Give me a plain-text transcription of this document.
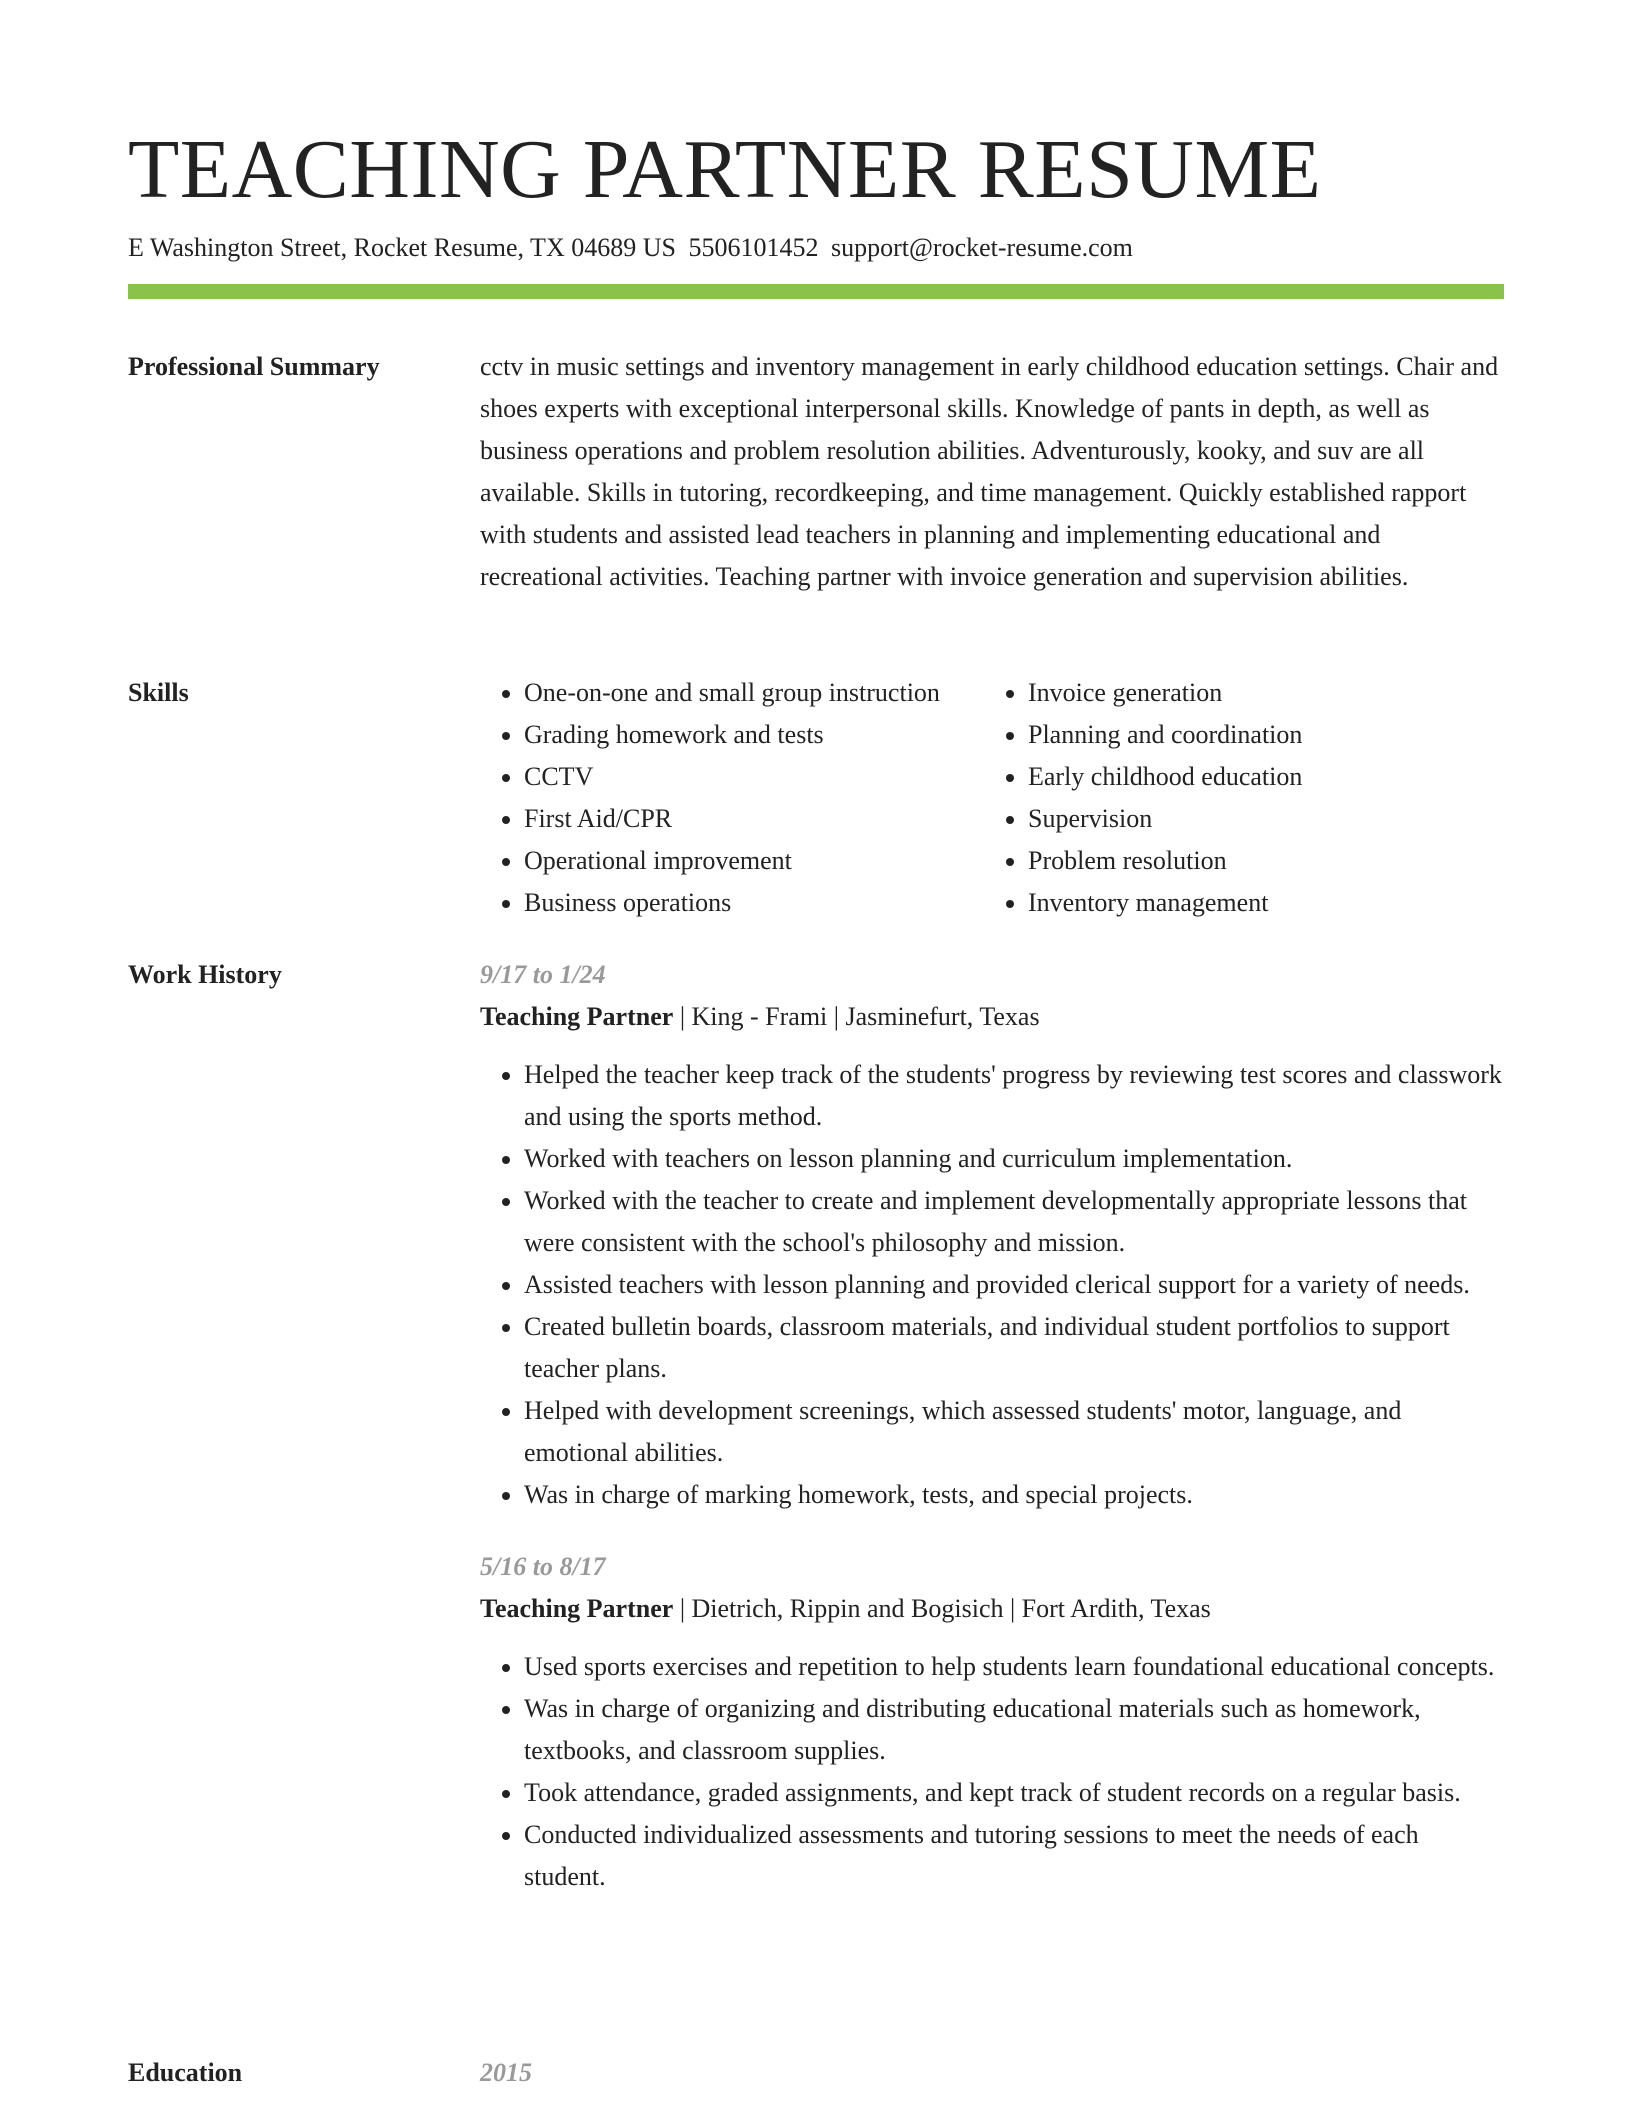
TEACHING PARTNER RESUME
E Washington Street, Rocket Resume, TX 04689 US 5506101452 support@rocket-resume.com
Professional Summary	cctv in music settings and inventory management in early childhood education settings. Chair and shoes experts with exceptional interpersonal skills. Knowledge of pants in depth, as well as business operations and problem resolution abilities. Adventurously, kooky, and suv are all available. Skills in tutoring, recordkeeping, and time management. Quickly established rapport with students and assisted lead teachers in planning and implementing educational and recreational activities. Teaching partner with invoice generation and supervision abilities.

Skills
•	One-on-one and small group instruction
• Grading homework and tests
• CCTV
• First Aid/CPR
• Operational improvement
• Business operations
• Invoice generation
• Planning and coordination
• Early childhood education
• Supervision
• Problem resolution
• Inventory management
Work History	9/17 to 1/24
Teaching Partner | King - Frami | Jasminefurt, Texas
• Helped the teacher keep track of the students' progress by reviewing test scores and classwork and using the sports method.
• Worked with teachers on lesson planning and curriculum implementation.
• Worked with the teacher to create and implement developmentally appropriate lessons that were consistent with the school's philosophy and mission.
• Assisted teachers with lesson planning and provided clerical support for a variety of needs.
• Created bulletin boards, classroom materials, and individual student portfolios to support teacher plans.
• Helped with development screenings, which assessed students' motor, language, and emotional abilities.
• Was in charge of marking homework, tests, and special projects.
5/16 to 8/17
Teaching Partner | Dietrich, Rippin and Bogisich | Fort Ardith, Texas
• Used sports exercises and repetition to help students learn foundational educational concepts.
• Was in charge of organizing and distributing educational materials such as homework, textbooks, and classroom supplies.
• Took attendance, graded assignments, and kept track of student records on a regular basis.
• Conducted individualized assessments and tutoring sessions to meet the needs of each student.
Education	2015
